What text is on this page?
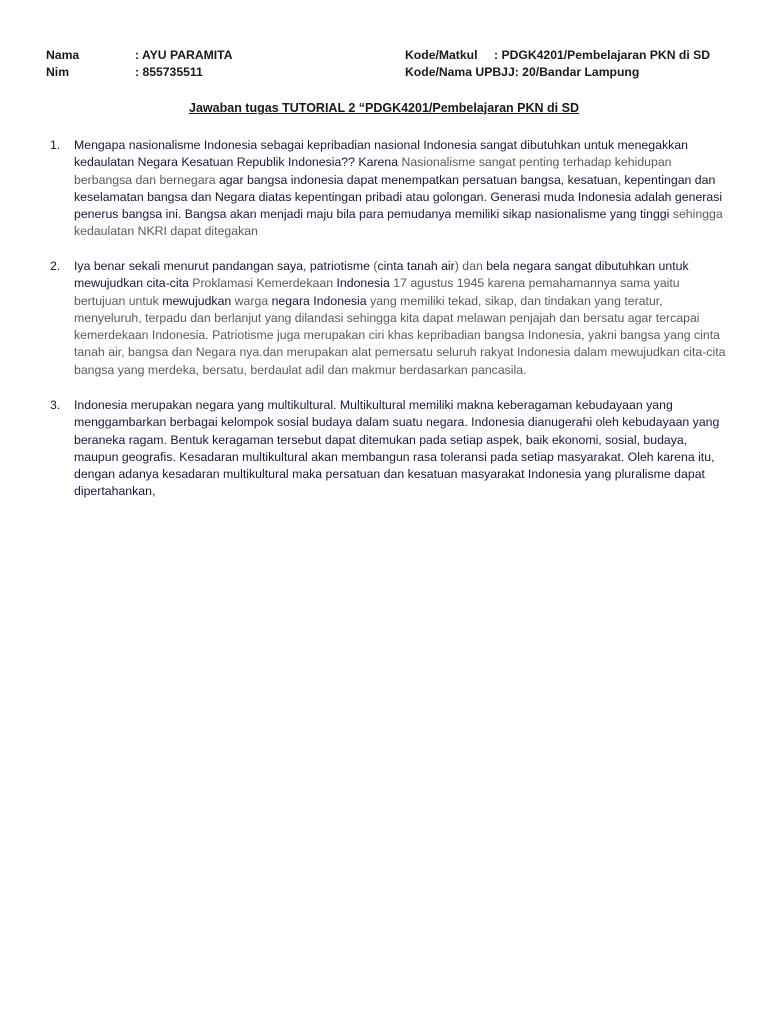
Nama	: AYU PARAMITA
Nim	: 855735511
Kode/Matkul : PDGK4201/Pembelajaran PKN di SD
Kode/Nama UPBJJ: 20/Bandar Lampung
Jawaban tugas TUTORIAL 2 “PDGK4201/Pembelajaran PKN di SD
1. Mengapa nasionalisme Indonesia sebagai kepribadian nasional Indonesia sangat dibutuhkan untuk menegakkan kedaulatan Negara Kesatuan Republik Indonesia?? Karena Nasionalisme sangat penting terhadap kehidupan berbangsa dan bernegara agar bangsa indonesia dapat menempatkan persatuan bangsa, kesatuan, kepentingan dan keselamatan bangsa dan Negara diatas kepentingan pribadi atau golongan. Generasi muda Indonesia adalah generasi penerus bangsa ini. Bangsa akan menjadi maju bila para pemudanya memiliki sikap nasionalisme yang tinggi sehingga kedaulatan NKRI dapat ditegakan
2. Iya benar sekali menurut pandangan saya, patriotisme (cinta tanah air) dan bela negara sangat dibutuhkan untuk mewujudkan cita-cita Proklamasi Kemerdekaan Indonesia 17 agustus 1945 karena pemahamannya sama yaitu bertujuan untuk mewujudkan warga negara Indonesia yang memiliki tekad, sikap, dan tindakan yang teratur, menyeluruh, terpadu dan berlanjut yang dilandasi sehingga kita dapat melawan penjajah dan bersatu agar tercapai kemerdekaan Indonesia. Patriotisme juga merupakan ciri khas kepribadian bangsa Indonesia, yakni bangsa yang cinta tanah air, bangsa dan Negara nya.dan merupakan alat pemersatu seluruh rakyat Indonesia dalam mewujudkan cita-cita bangsa yang merdeka, bersatu, berdaulat adil dan makmur berdasarkan pancasila.
3. Indonesia merupakan negara yang multikultural. Multikultural memiliki makna keberagaman kebudayaan yang menggambarkan berbagai kelompok sosial budaya dalam suatu negara. Indonesia dianugerahi oleh kebudayaan yang beraneka ragam. Bentuk keragaman tersebut dapat ditemukan pada setiap aspek, baik ekonomi, sosial, budaya, maupun geografis. Kesadaran multikultural akan membangun rasa toleransi pada setiap masyarakat. Oleh karena itu, dengan adanya kesadaran multikultural maka persatuan dan kesatuan masyarakat Indonesia yang pluralisme dapat dipertahankan,
